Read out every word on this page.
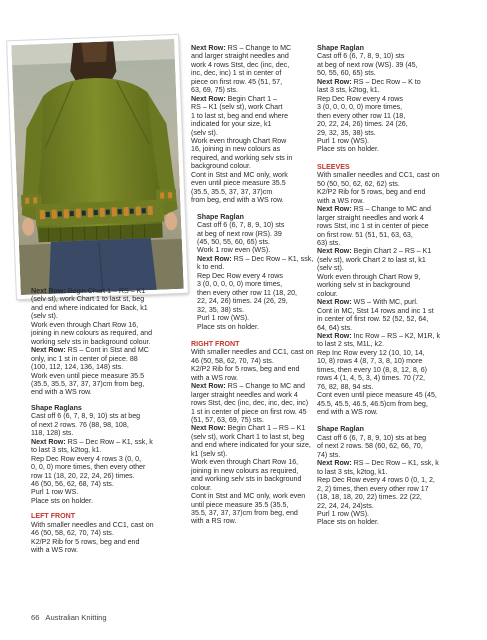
Next Row: Begin Chart 1 – RS – K1
(selv st), work Chart 1 to last st, beg
and end where indicated for Back, k1
(selv st).
Work even through Chart Row 16,
joining in new colours as required, and
working selv sts in background colour.
Next Row: RS – Cont in Stst and MC
only, inc 1 st in center of piece. 88
(100, 112, 124, 136, 148) sts.
Work even until piece measure 35.5
(35.5, 35.5, 37, 37, 37)cm from beg,
end with a WS row.
Shape Raglans
Cast off 6 (6, 7, 8, 9, 10) sts at beg
of next 2 rows. 76 (88, 98, 108,
118, 128) sts.
Next Row: RS – Dec Row – K1, ssk, k
to last 3 sts, k2tog, k1.
Rep Dec Row every 4 rows 3 (0, 0,
0, 0, 0) more times, then every other
row 11 (18, 20, 22, 24, 26) times.
46 (50, 56, 62, 68, 74) sts.
Purl 1 row WS.
Place sts on holder.
LEFT FRONT
With smaller needles and CC1, cast on
46 (50, 58, 62, 70, 74) sts.
K2/P2 Rib for 5 rows, beg and end
with a WS row.
Next Row: RS – Change to MC
and larger straight needles and
work 4 rows Stst, dec (inc, dec,
inc, dec, inc) 1 st in center of
piece on first row. 45 (51, 57,
63, 69, 75) sts.
Next Row: Begin Chart 1 –
RS – K1 (selv st), work Chart
1 to last st, beg and end where
indicated for your size, k1
(selv st).
Work even through Chart Row
16, joining in new colours as
required, and working selv sts in
background colour.
Cont in Stst and MC only, work
even until piece measure 35.5
(35.5, 35.5, 37, 37, 37)cm
from beg, end with a WS row.
Shape Raglan
Cast off 6 (6, 7, 8, 9, 10) sts
at beg of next row (RS). 39
(45, 50, 55, 60, 65) sts.
Work 1 row even (WS).
Next Row: RS – Dec Row – K1, ssk,
k to end.
Rep Dec Row every 4 rows
3 (0, 0, 0, 0, 0) more times,
then every other row 11 (18, 20,
22, 24, 26) times. 24 (26, 29,
32, 35, 38) sts.
Purl 1 row (WS).
Place sts on holder.
RIGHT FRONT
With smaller needles and CC1, cast on
46 (50, 58, 62, 70, 74) sts.
K2/P2 Rib for 5 rows, beg and end
with a WS row.
Next Row: RS – Change to MC and
larger straight needles and work 4
rows Stst, dec (inc, dec, inc, dec, inc)
1 st in center of piece on first row. 45
(51, 57, 63, 69, 75) sts.
Next Row: Begin Chart 1 – RS – K1
(selv st), work Chart 1 to last st, beg
and end where indicated for your size,
k1 (selv st).
Work even through Chart Row 16,
joining in new colours as required,
and working selv sts in background
colour.
Cont in Stst and MC only, work even
until piece measure 35.5 (35.5,
35.5, 37, 37, 37)cm from beg, end
with a RS row.
Shape Raglan
Cast off 6 (6, 7, 8, 9, 10) sts
at beg of next row (WS). 39 (45,
50, 55, 60, 65) sts.
Next Row: RS – Dec Row – K to
last 3 sts, k2tog, k1.
Rep Dec Row every 4 rows
3 (0, 0, 0, 0, 0) more times,
then every other row 11 (18,
20, 22, 24, 26) times. 24 (26,
29, 32, 35, 38) sts.
Purl 1 row (WS).
Place sts on holder.
SLEEVES
With smaller needles and CC1, cast on
50 (50, 50, 62, 62, 62) sts.
K2/P2 Rib for 5 rows, beg and end
with a WS row.
Next Row: RS – Change to MC and
larger straight needles and work 4
rows Stst, inc 1 st in center of piece
on first row. 51 (51, 51, 63, 63,
63) sts.
Next Row: Begin Chart 2 – RS – K1
(selv st), work Chart 2 to last st, k1
(selv st).
Work even through Chart Row 9,
working selv st in background
colour.
Next Row: WS – With MC, purl.
Cont in MC, Stst 14 rows and inc 1 st
in center of first row. 52 (52, 52, 64,
64, 64) sts.
Next Row: Inc Row – RS – K2, M1R, k
to last 2 sts, M1L, k2.
Rep Inc Row every 12 (10, 10, 14,
10, 8) rows 4 (8, 7, 3, 8, 10) more
times, then every 10 (8, 8, 12, 8, 6)
rows 4 (1, 4, 5, 3, 4) times. 70 (72,
76, 82, 88, 94 sts.
Cont even until piece measure 45 (45,
45.5, 45.5, 46.5, 46.5)cm from beg,
end with a WS row.
Shape Raglan
Cast off 6 (6, 7, 8, 9, 10) sts at beg
of next 2 rows. 58 (60, 62, 66, 70,
74) sts.
Next Row: RS – Dec Row – K1, ssk, k
to last 3 sts, k2tog, k1.
Rep Dec Row every 4 rows 0 (0, 1, 2,
2, 2) times, then every other row 17
(18, 18, 18, 20, 22) times. 22 (22,
22, 24, 24, 24)sts.
Purl 1 row (WS).
Place sts on holder.
66 Australian Knitting
